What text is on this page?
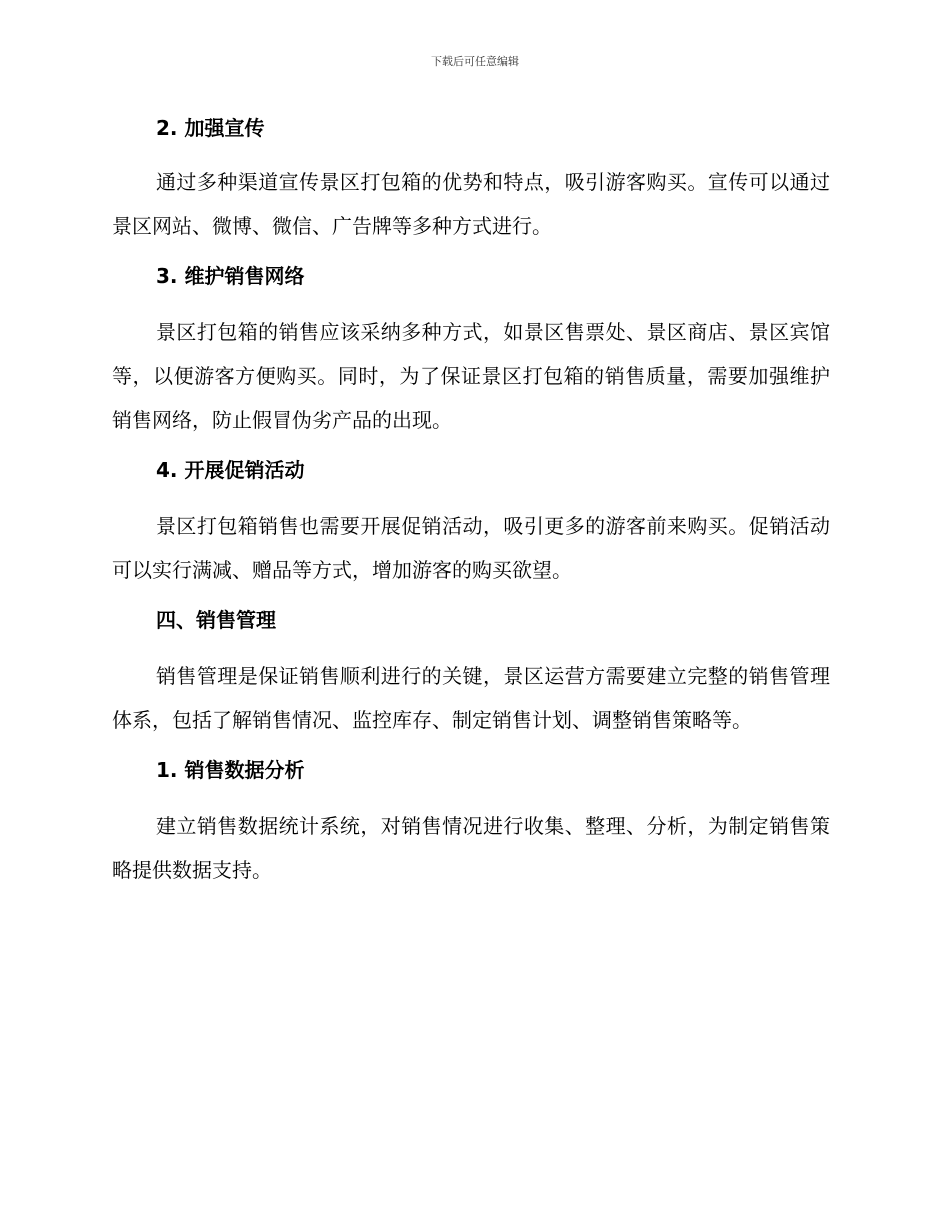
下载后可任意编辑
2. 加强宣传

通过多种渠道宣传景区打包箱的优势和特点，吸引游客购买。宣传可以通过景区网站、微博、微信、广告牌等多种方式进行。

3. 维护销售网络

景区打包箱的销售应该采纳多种方式，如景区售票处、景区商店、景区宾馆等，以便游客方便购买。同时，为了保证景区打包箱的销售质量，需要加强维护销售网络，防止假冒伪劣产品的出现。

4. 开展促销活动

景区打包箱销售也需要开展促销活动，吸引更多的游客前来购买。促销活动可以实行满减、赠品等方式，增加游客的购买欲望。

四、销售管理

销售管理是保证销售顺利进行的关键，景区运营方需要建立完整的销售管理体系，包括了解销售情况、监控库存、制定销售计划、调整销售策略等。

1. 销售数据分析

建立销售数据统计系统，对销售情况进行收集、整理、分析，为制定销售策略提供数据支持。
